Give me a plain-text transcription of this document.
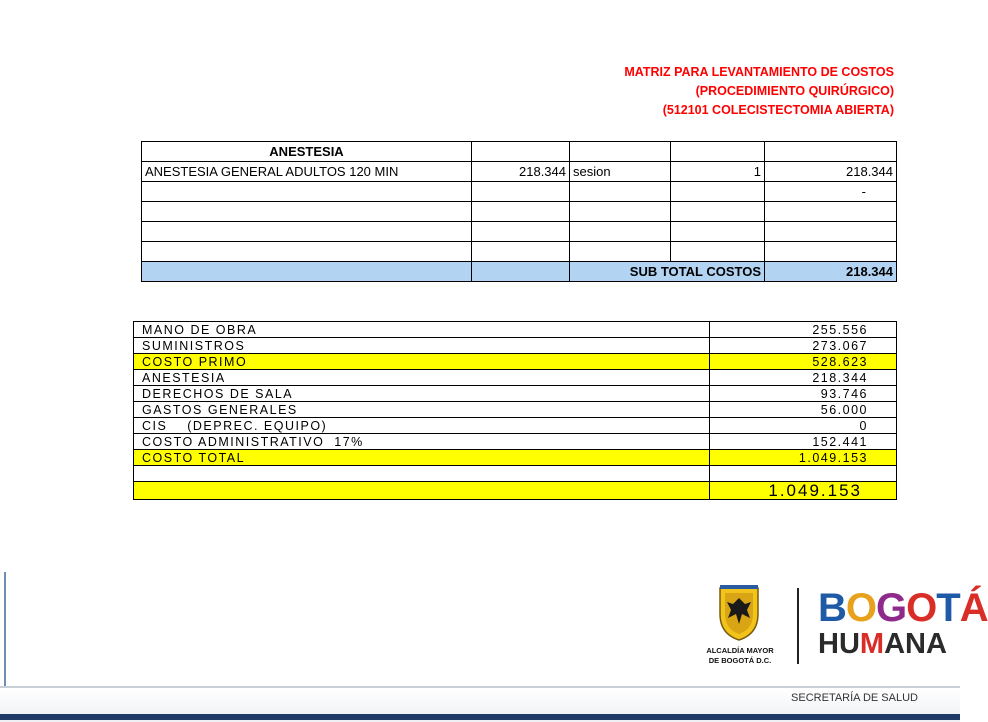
MATRIZ PARA LEVANTAMIENTO DE COSTOS
(PROCEDIMIENTO QUIRÚRGICO)
(512101 COLECISTECTOMIA ABIERTA)
ANESTESIA				
ANESTESIA GENERAL ADULTOS 120 MIN	218.344	sesion	1	218.344
				-

		SUB TOTAL COSTOS		218.344
MANO DE OBRA	255.556
SUMINISTROS	273.067
COSTO PRIMO	528.623
ANESTESIA	218.344
DERECHOS DE SALA	93.746
GASTOS GENERALES	56.000
CIS    (DEPREC. EQUIPO)	0
COSTO ADMINISTRATIVO  17%	152.441
COSTO TOTAL	1.049.153

	1.049.153
ALCALDÍA MAYOR
DE BOGOTÁ D.C.
BOGOTÁ
HUMANA
SECRETARÍA DE SALUD
